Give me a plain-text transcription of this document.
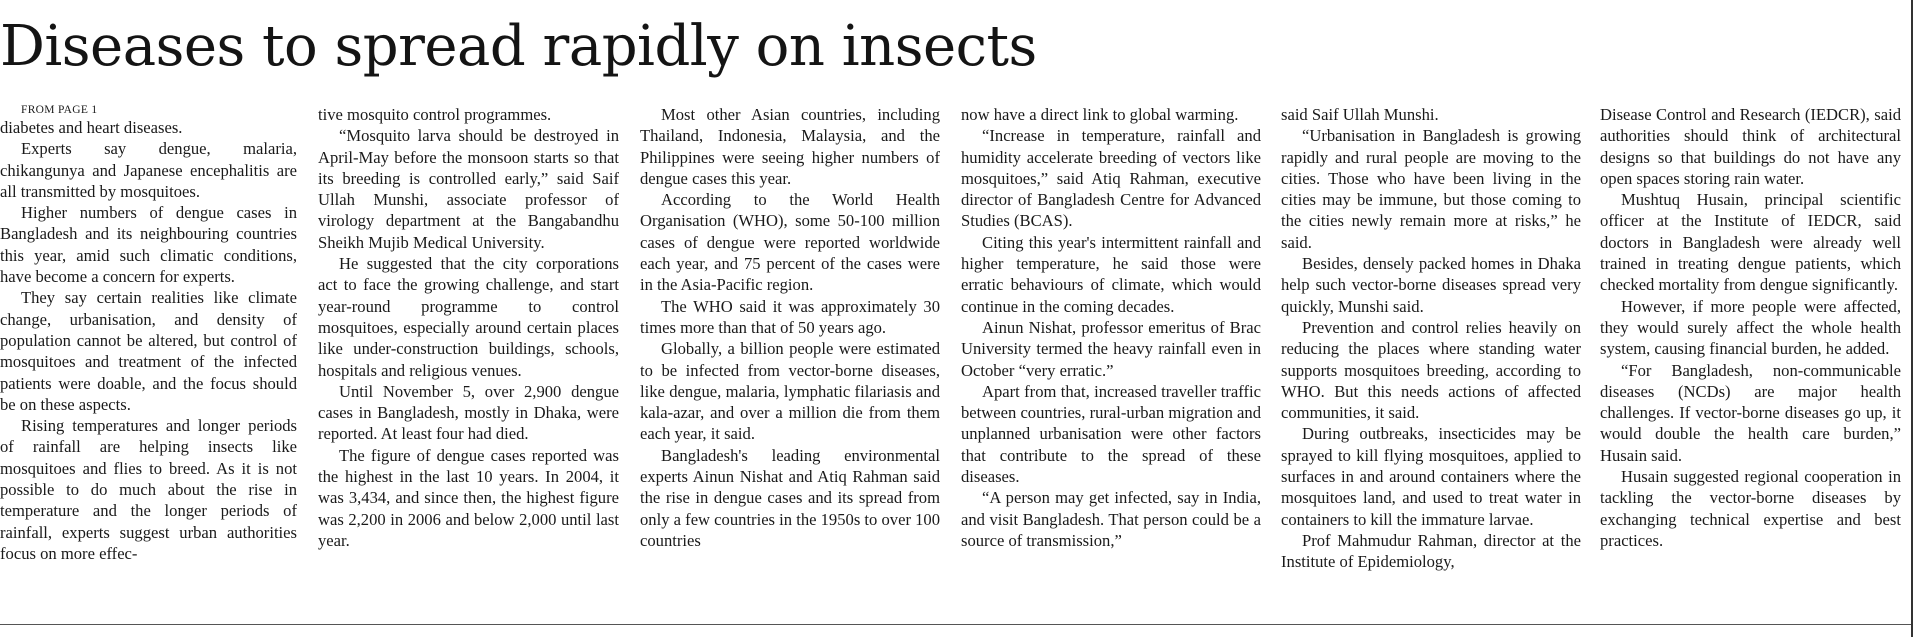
Diseases to spread rapidly on insects

FROM PAGE 1

diabetes and heart diseases.

Experts say dengue, malaria, chikangunya and Japanese encephalitis are all transmitted by mosquitoes.

Higher numbers of dengue cases in Bangladesh and its neighbouring countries this year, amid such climatic conditions, have become a concern for experts.

They say certain realities like climate change, urbanisation, and density of population cannot be altered, but control of mosquitoes and treatment of the infected patients were doable, and the focus should be on these aspects.

Rising temperatures and longer periods of rainfall are helping insects like mosquitoes and flies to breed. As it is not possible to do much about the rise in temperature and the longer periods of rainfall, experts suggest urban authorities focus on more effec-

tive mosquito control programmes.

“Mosquito larva should be destroyed in April-May before the monsoon starts so that its breeding is controlled early,” said Saif Ullah Munshi, associate professor of virology department at the Bangabandhu Sheikh Mujib Medical University.

He suggested that the city corporations act to face the growing challenge, and start year-round programme to control mosquitoes, especially around certain places like under-construction buildings, schools, hospitals and religious venues.

Until November 5, over 2,900 dengue cases in Bangladesh, mostly in Dhaka, were reported. At least four had died.

The figure of dengue cases reported was the highest in the last 10 years. In 2004, it was 3,434, and since then, the highest figure was 2,200 in 2006 and below 2,000 until last year.

Most other Asian countries, including Thailand, Indonesia, Malaysia, and the Philippines were seeing higher numbers of dengue cases this year.

According to the World Health Organisation (WHO), some 50-100 million cases of dengue were reported worldwide each year, and 75 percent of the cases were in the Asia-Pacific region.

The WHO said it was approximately 30 times more than that of 50 years ago.

Globally, a billion people were estimated to be infected from vector-borne diseases, like dengue, malaria, lymphatic filariasis and kala-azar, and over a million die from them each year, it said.

Bangladesh's leading environmental experts Ainun Nishat and Atiq Rahman said the rise in dengue cases and its spread from only a few countries in the 1950s to over 100 countries

now have a direct link to global warming.

“Increase in temperature, rainfall and humidity accelerate breeding of vectors like mosquitoes,” said Atiq Rahman, executive director of Bangladesh Centre for Advanced Studies (BCAS).

Citing this year's intermittent rainfall and higher temperature, he said those were erratic behaviours of climate, which would continue in the coming decades.

Ainun Nishat, professor emeritus of Brac University termed the heavy rainfall even in October “very erratic.”

Apart from that, increased traveller traffic between countries, rural-urban migration and unplanned urbanisation were other factors that contribute to the spread of these diseases.

“A person may get infected, say in India, and visit Bangladesh. That person could be a source of transmission,”

said Saif Ullah Munshi.

“Urbanisation in Bangladesh is growing rapidly and rural people are moving to the cities. Those who have been living in the cities may be immune, but those coming to the cities newly remain more at risks,” he said.

Besides, densely packed homes in Dhaka help such vector-borne diseases spread very quickly, Munshi said.

Prevention and control relies heavily on reducing the places where standing water supports mosquitoes breeding, according to WHO. But this needs actions of affected communities, it said.

During outbreaks, insecticides may be sprayed to kill flying mosquitoes, applied to surfaces in and around containers where the mosquitoes land, and used to treat water in containers to kill the immature larvae.

Prof Mahmudur Rahman, director at the Institute of Epidemiology,

Disease Control and Research (IEDCR), said authorities should think of architectural designs so that buildings do not have any open spaces storing rain water.

Mushtuq Husain, principal scientific officer at the Institute of IEDCR, said doctors in Bangladesh were already well trained in treating dengue patients, which checked mortality from dengue significantly.

However, if more people were affected, they would surely affect the whole health system, causing financial burden, he added.

“For Bangladesh, non-communicable diseases (NCDs) are major health challenges. If vector-borne diseases go up, it would double the health care burden,” Husain said.

Husain suggested regional cooperation in tackling the vector-borne diseases by exchanging technical expertise and best practices.
